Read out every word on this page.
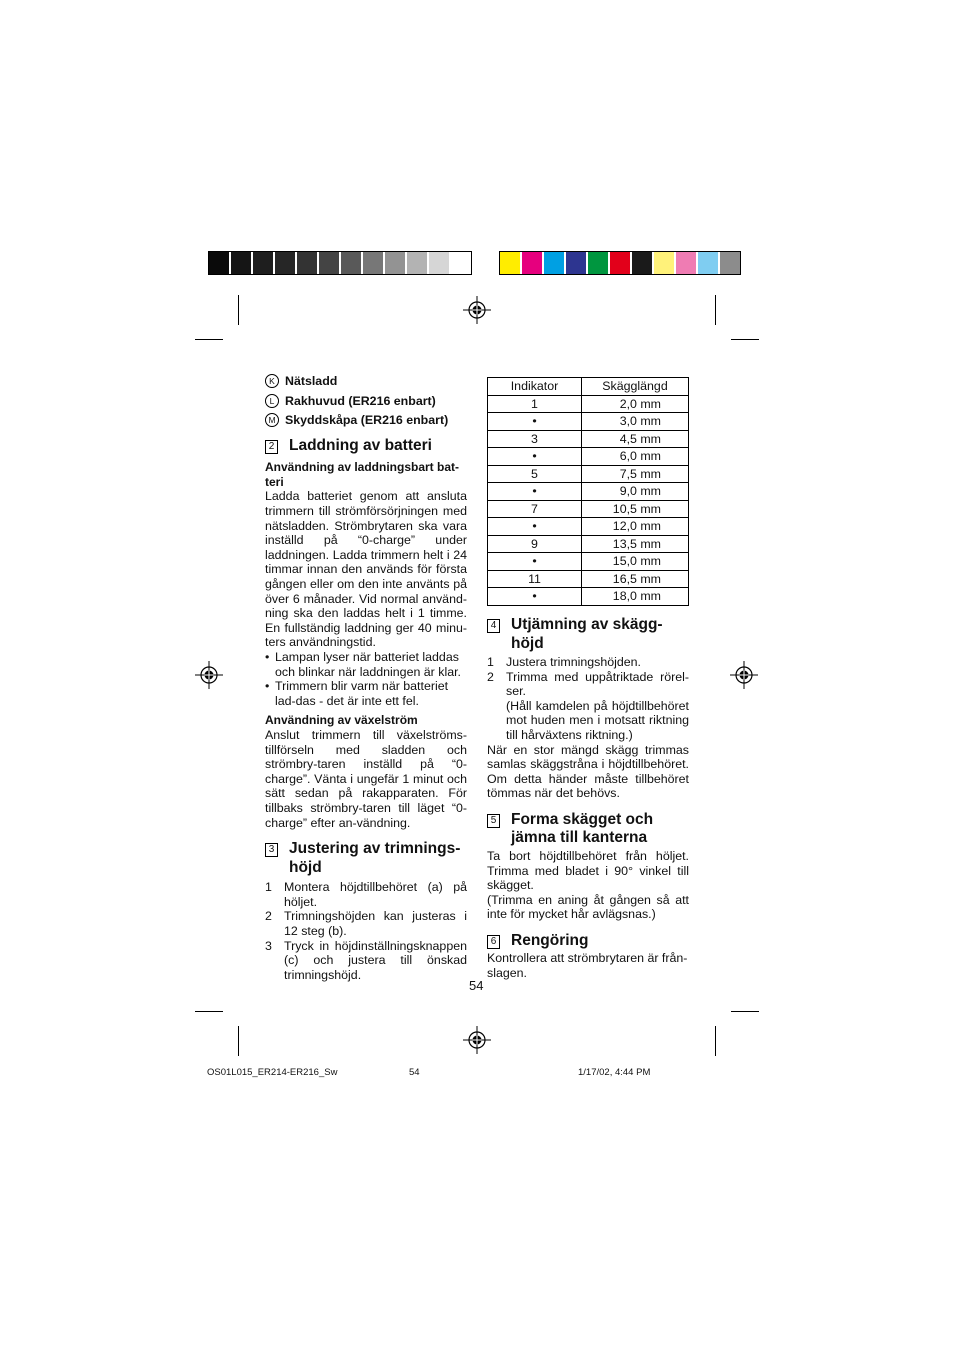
K Nätsladd

L Rakhuvud (ER216 enbart)

M Skyddskåpa (ER216 enbart)

2 Laddning av batteri

Användning av laddningsbart bat-teri

Ladda batteriet genom att ansluta trimmern till strömförsörjningen med nätsladden. Strömbrytaren ska vara inställd på “0-charge” under laddningen. Ladda trimmern helt i 24 timmar innan den används för första gången eller om den inte använts på över 6 månader. Vid normal använd-ning ska den laddas helt i 1 timme. En fullständig laddning ger 40 minu-ters användningstid.

• Lampan lyser när batteriet laddas och blinkar när laddningen är klar.

• Trimmern blir varm när batteriet lad-das - det är inte ett fel.

Användning av växelström

Anslut trimmern till växelströms-tillförseln med sladden och strömbry-taren inställd på “0-charge”. Vänta i ungefär 1 minut och sätt sedan på rakapparaten. För tillbaks strömbry-taren till läget “0-charge” efter an-vändning.

3 Justering av trimnings-höjd

1 Montera höjdtillbehöret (a) på höljet.

2 Trimningshöjden kan justeras i 12 steg (b).

3 Tryck in höjdinställningsknappen (c) och justera till önskad trimningshöjd.

Indikator	Skägglängd
1	2,0 mm
•	3,0 mm
3	4,5 mm
•	6,0 mm
5	7,5 mm
•	9,0 mm
7	10,5 mm
•	12,0 mm
9	13,5 mm
•	15,0 mm
11	16,5 mm
•	18,0 mm
4 Utjämning av skägg-höjd

1 Justera trimningshöjden.

2 Trimma med uppåtriktade rörel-ser.
(Håll kamdelen på höjdtillbehöret mot huden men i motsatt riktning till hårväxtens riktning.)

När en stor mängd skägg trimmas samlas skäggstråna i höjdtillbehöret. Om detta händer måste tillbehöret tömmas när det behövs.

5 Forma skägget och jämna till kanterna

Ta bort höjdtillbehöret från höljet. Trimma med bladet i 90° vinkel till skägget.
(Trimma en aning åt gången så att inte för mycket hår avlägsnas.)

6 Rengöring

Kontrollera att strömbrytaren är från-slagen.

54
OS01L015_ER214-ER216_Sw	54	1/17/02, 4:44 PM
